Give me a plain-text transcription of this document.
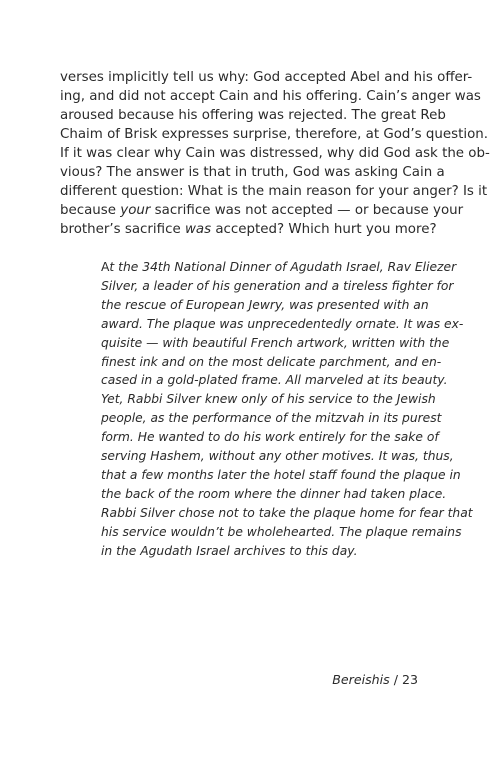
verses implicitly tell us why: God accepted Abel and his offer-
ing, and did not accept Cain and his offering. Cain’s anger was
aroused because his offering was rejected. The great Reb
Chaim of Brisk expresses surprise, therefore, at God’s question.
If it was clear why Cain was distressed, why did God ask the ob-
vious? The answer is that in truth, God was asking Cain a
different question: What is the main reason for your anger? Is it
because your sacrifice was not accepted — or because your
brother’s sacrifice was accepted? Which hurt you more?
At the 34th National Dinner of Agudath Israel, Rav Eliezer
Silver, a leader of his generation and a tireless fighter for
the rescue of European Jewry, was presented with an
award. The plaque was unprecedentedly ornate. It was ex-
quisite — with beautiful French artwork, written with the
finest ink and on the most delicate parchment, and en-
cased in a gold-plated frame. All marveled at its beauty.
Yet, Rabbi Silver knew only of his service to the Jewish
people, as the performance of the mitzvah in its purest
form. He wanted to do his work entirely for the sake of
serving Hashem, without any other motives. It was, thus,
that a few months later the hotel staff found the plaque in
the back of the room where the dinner had taken place.
Rabbi Silver chose not to take the plaque home for fear that
his service wouldn’t be wholehearted. The plaque remains
in the Agudath Israel archives to this day.
Bereishis / 23
